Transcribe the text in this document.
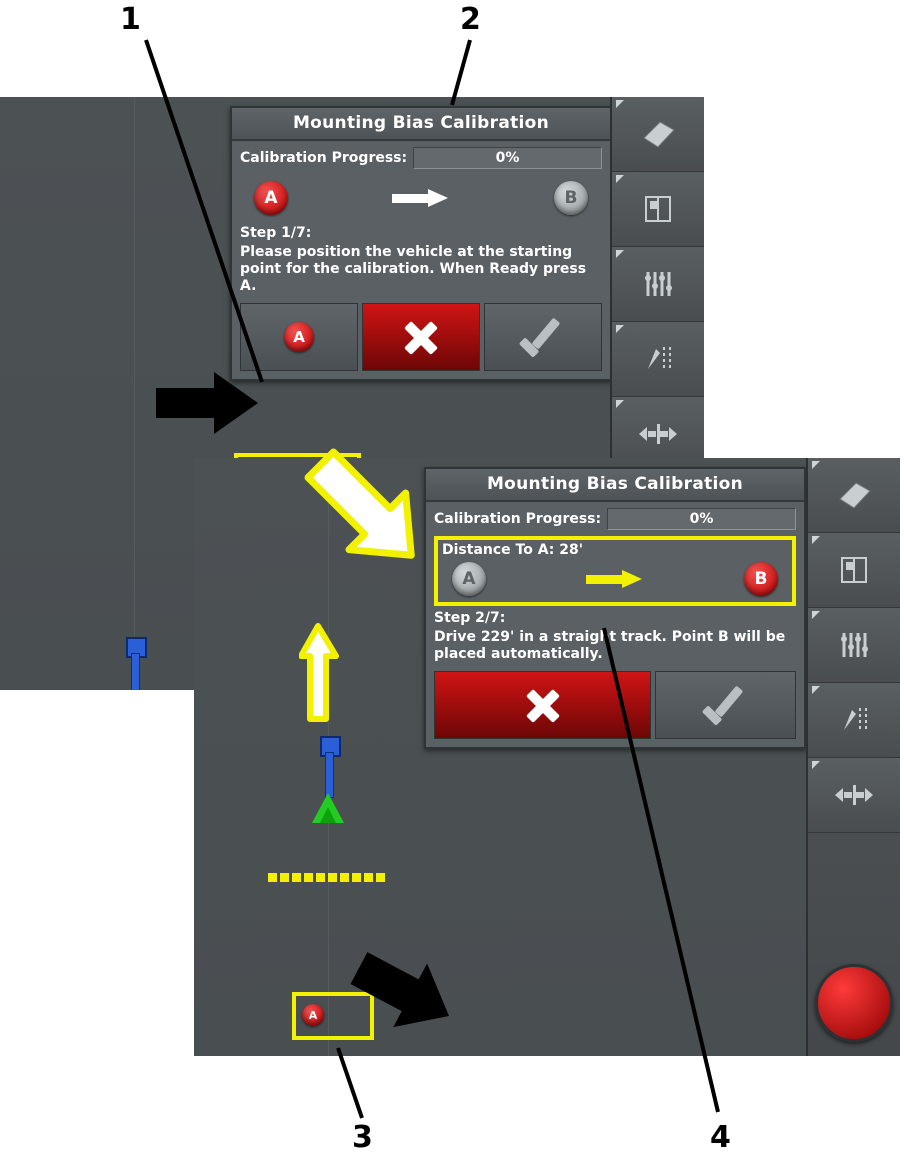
Mounting Bias Calibration
Calibration Progress:	0%
A	B
Step 1/7:
Please position the vehicle at the starting point for the calibration. When Ready press A.
A
A
Mounting Bias Calibration
Calibration Progress:	0%
Distance To A: 28'
A	B
Step 2/7:
Drive 229' in a straight track. Point B will be placed automatically.
1	2
3	4
